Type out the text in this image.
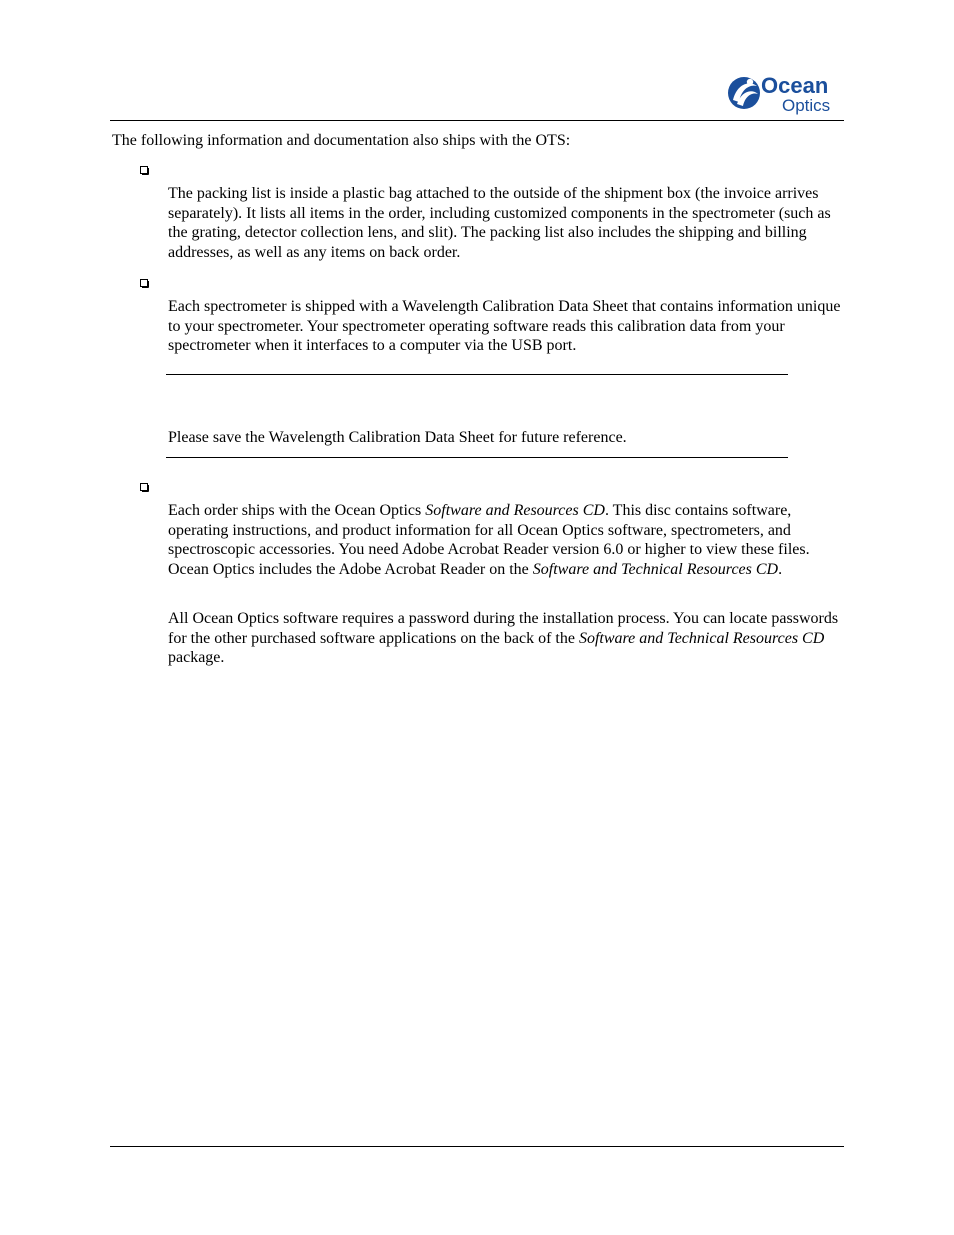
Ocean
Optics

The following information and documentation also ships with the OTS:

The packing list is inside a plastic bag attached to the outside of the shipment box (the invoice arrives separately). It lists all items in the order, including customized components in the spectrometer (such as the grating, detector collection lens, and slit). The packing list also includes the shipping and billing addresses, as well as any items on back order.

Each spectrometer is shipped with a Wavelength Calibration Data Sheet that contains information unique to your spectrometer. Your spectrometer operating software reads this calibration data from your spectrometer when it interfaces to a computer via the USB port.

Please save the Wavelength Calibration Data Sheet for future reference.

Each order ships with the Ocean Optics Software and Resources CD. This disc contains software, operating instructions, and product information for all Ocean Optics software, spectrometers, and spectroscopic accessories. You need Adobe Acrobat Reader version 6.0 or higher to view these files. Ocean Optics includes the Adobe Acrobat Reader on the Software and Technical Resources CD.

All Ocean Optics software requires a password during the installation process. You can locate passwords for the other purchased software applications on the back of the Software and Technical Resources CD package.
